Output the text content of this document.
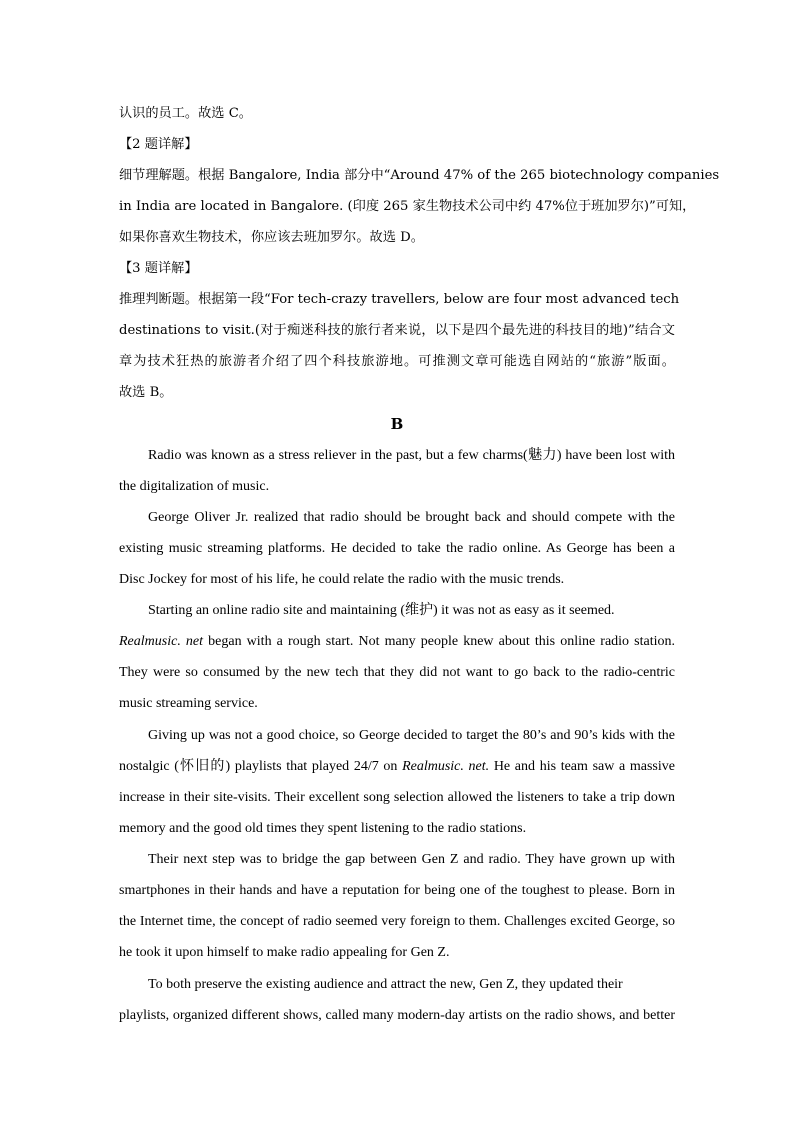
认识的员工。故选 C。
【2 题详解】
细节理解题。根据 Bangalore, India 部分中“Around 47% of the 265 biotechnology companies
in India are located in Bangalore. (印度 265 家生物技术公司中约 47%位于班加罗尔)”可知，
如果你喜欢生物技术，你应该去班加罗尔。故选 D。
【3 题详解】
推理判断题。根据第一段“For tech-crazy travellers, below are four most advanced tech
destinations to visit.(对于痴迷科技的旅行者来说，以下是四个最先进的科技目的地)”结合文
章为技术狂热的旅游者介绍了四个科技旅游地。可推测文章可能选自网站的“旅游”版面。
故选 B。
B
Radio was known as a stress reliever in the past, but a few charms(魅力) have been lost with
the digitalization of music.
George Oliver Jr. realized that radio should be brought back and should compete with the
existing music streaming platforms. He decided to take the radio online. As George has been a
Disc Jockey for most of his life, he could relate the radio with the music trends.
Starting an online radio site and maintaining (维护) it was not as easy as it seemed.
Realmusic. net began with a rough start. Not many people knew about this online radio station.
They were so consumed by the new tech that they did not want to go back to the radio-centric
music streaming service.
Giving up was not a good choice, so George decided to target the 80’s and 90’s kids with the
nostalgic (怀旧的) playlists that played 24/7 on Realmusic. net. He and his team saw a massive
increase in their site-visits. Their excellent song selection allowed the listeners to take a trip down
memory and the good old times they spent listening to the radio stations.
Their next step was to bridge the gap between Gen Z and radio. They have grown up with
smartphones in their hands and have a reputation for being one of the toughest to please. Born in
the Internet time, the concept of radio seemed very foreign to them. Challenges excited George, so
he took it upon himself to make radio appealing for Gen Z.
To both preserve the existing audience and attract the new, Gen Z, they updated their
playlists, organized different shows, called many modern-day artists on the radio shows, and better
